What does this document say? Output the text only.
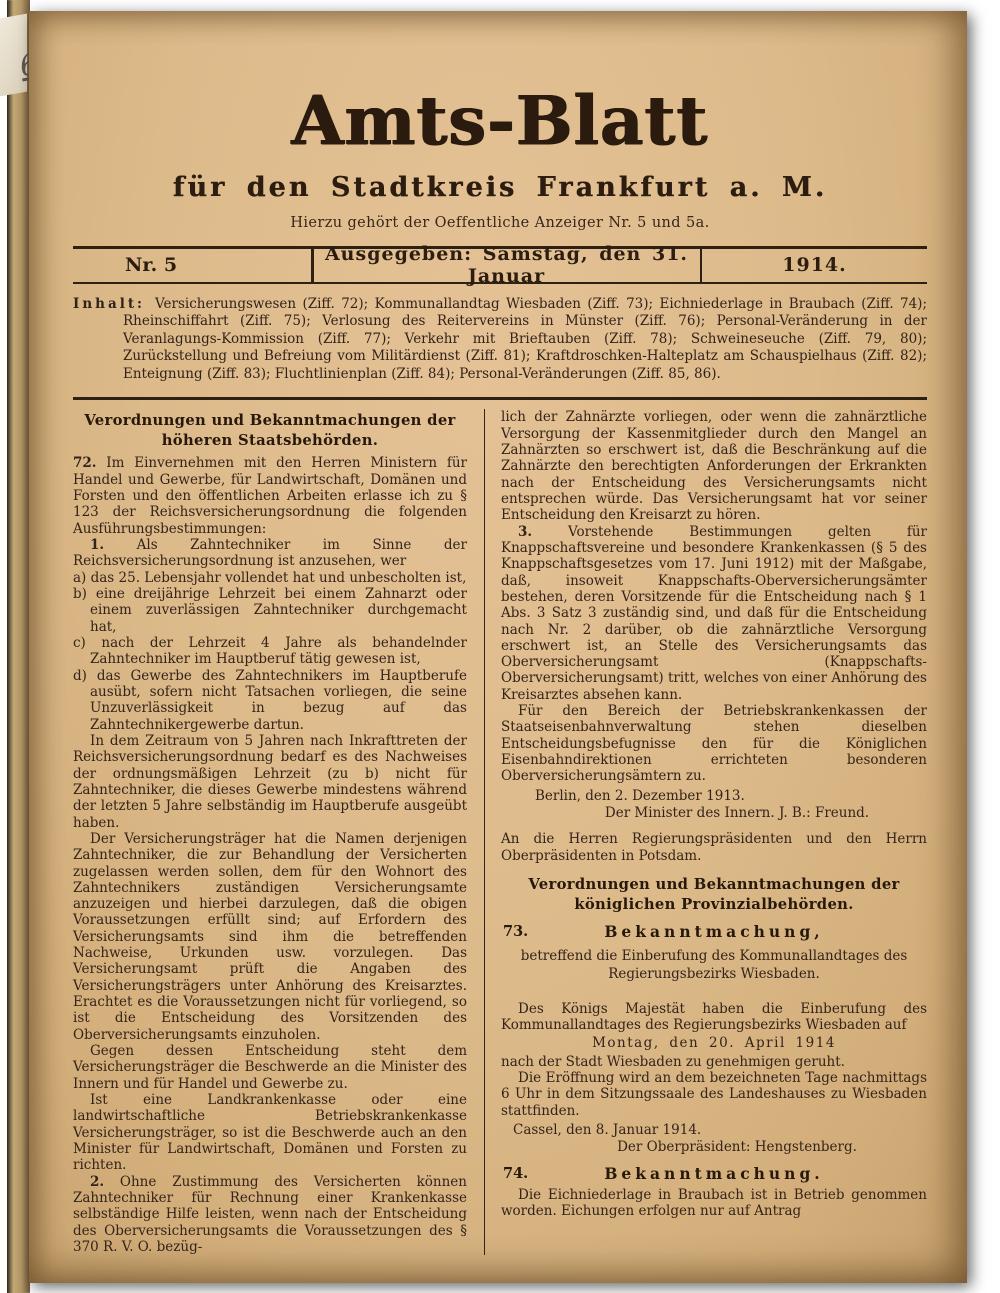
Amts-Blatt
für den Stadtkreis Frankfurt a. M.
Hierzu gehört der Oeffentliche Anzeiger Nr. 5 und 5a.
Nr. 5	Ausgegeben: Samstag, den 31. Januar	1914.

Inhalt: Versicherungswesen (Ziff. 72); Kommunallandtag Wiesbaden (Ziff. 73); Eichniederlage in Braubach (Ziff. 74); Rheinschiffahrt (Ziff. 75); Verlosung des Reitervereins in Münster (Ziff. 76); Personal-Veränderung in der Veranlagungs-Kommission (Ziff. 77); Verkehr mit Brieftauben (Ziff. 78); Schweineseuche (Ziff. 79, 80); Zurückstellung und Befreiung vom Militärdienst (Ziff. 81); Kraftdroschken-Halteplatz am Schauspielhaus (Ziff. 82); Enteignung (Ziff. 83); Fluchtlinienplan (Ziff. 84); Personal-Veränderungen (Ziff. 85, 86).

Verordnungen und Bekanntmachungen der höheren Staatsbehörden.

72. Im Einvernehmen mit den Herren Ministern für Handel und Gewerbe, für Landwirtschaft, Domänen und Forsten und den öffentlichen Arbeiten erlasse ich zu § 123 der Reichsversicherungsordnung die folgenden Ausführungsbestimmungen:

1. Als Zahntechniker im Sinne der Reichsversicherungsordnung ist anzusehen, wer

a) das 25. Lebensjahr vollendet hat und unbescholten ist,

b) eine dreijährige Lehrzeit bei einem Zahnarzt oder einem zuverlässigen Zahntechniker durchgemacht hat,

c) nach der Lehrzeit 4 Jahre als behandelnder Zahntechniker im Hauptberuf tätig gewesen ist,

d) das Gewerbe des Zahntechnikers im Hauptberufe ausübt, sofern nicht Tatsachen vorliegen, die seine Unzuverlässigkeit in bezug auf das Zahntechnikergewerbe dartun.

In dem Zeitraum von 5 Jahren nach Inkrafttreten der Reichsversicherungsordnung bedarf es des Nachweises der ordnungsmäßigen Lehrzeit (zu b) nicht für Zahntechniker, die dieses Gewerbe mindestens während der letzten 5 Jahre selbständig im Hauptberufe ausgeübt haben.

Der Versicherungsträger hat die Namen derjenigen Zahntechniker, die zur Behandlung der Versicherten zugelassen werden sollen, dem für den Wohnort des Zahntechnikers zuständigen Versicherungsamte anzuzeigen und hierbei darzulegen, daß die obigen Voraussetzungen erfüllt sind; auf Erfordern des Versicherungsamts sind ihm die betreffenden Nachweise, Urkunden usw. vorzulegen. Das Versicherungsamt prüft die Angaben des Versicherungsträgers unter Anhörung des Kreisarztes. Erachtet es die Voraussetzungen nicht für vorliegend, so ist die Entscheidung des Vorsitzenden des Oberversicherungsamts einzuholen.

Gegen dessen Entscheidung steht dem Versicherungsträger die Beschwerde an die Minister des Innern und für Handel und Gewerbe zu.

Ist eine Landkrankenkasse oder eine landwirtschaftliche Betriebskrankenkasse Versicherungsträger, so ist die Beschwerde auch an den Minister für Landwirtschaft, Domänen und Forsten zu richten.

2. Ohne Zustimmung des Versicherten können Zahntechniker für Rechnung einer Krankenkasse selbständige Hilfe leisten, wenn nach der Entscheidung des Oberversicherungsamts die Voraussetzungen des § 370 R. V. O. bezüg-

lich der Zahnärzte vorliegen, oder wenn die zahnärztliche Versorgung der Kassenmitglieder durch den Mangel an Zahnärzten so erschwert ist, daß die Beschränkung auf die Zahnärzte den berechtigten Anforderungen der Erkrankten nach der Entscheidung des Versicherungsamts nicht entsprechen würde. Das Versicherungsamt hat vor seiner Entscheidung den Kreisarzt zu hören.

3.	Vorstehende Bestimmungen gelten für Knappschaftsvereine und besondere Krankenkassen (§ 5 des Knappschaftsgesetzes vom 17. Juni 1912) mit der Maßgabe, daß, insoweit Knappschafts-Oberversicherungsämter bestehen, deren Vorsitzende für die Entscheidung nach § 1 Abs. 3 Satz 3 zuständig sind, und daß für die Entscheidung nach Nr. 2 darüber, ob die zahnärztliche Versorgung erschwert ist, an Stelle des Versicherungsamts das Oberversicherungsamt (Knappschafts-Oberversicherungsamt) tritt, welches von einer Anhörung des Kreisarztes absehen kann.

Für den Bereich der Betriebskrankenkassen der Staatseisenbahnverwaltung stehen dieselben Entscheidungsbefugnisse den für die Königlichen Eisenbahndirektionen errichteten besonderen Oberversicherungsämtern zu.

Berlin, den 2. Dezember 1913.

Der Minister des Innern. J. B.: Freund.

An die Herren Regierungspräsidenten und den Herrn Oberpräsidenten in Potsdam.

Verordnungen und Bekanntmachungen der königlichen Provinzialbehörden.
73.	Bekanntmachung,

betreffend die Einberufung des Kommunallandtages des Regierungsbezirks Wiesbaden.

Des Königs Majestät haben die Einberufung des Kommunallandtages des Regierungsbezirks Wiesbaden auf

Montag, den 20. April 1914

nach der Stadt Wiesbaden zu genehmigen geruht.

Die Eröffnung wird an dem bezeichneten Tage nachmittags 6 Uhr in dem Sitzungssaale des Landeshauses zu Wiesbaden stattfinden.

Cassel, den 8. Januar 1914.

Der Oberpräsident: Hengstenberg.

74.	Bekanntmachung.

Die Eichniederlage in Braubach ist in Betrieb genommen worden. Eichungen erfolgen nur auf Antrag
